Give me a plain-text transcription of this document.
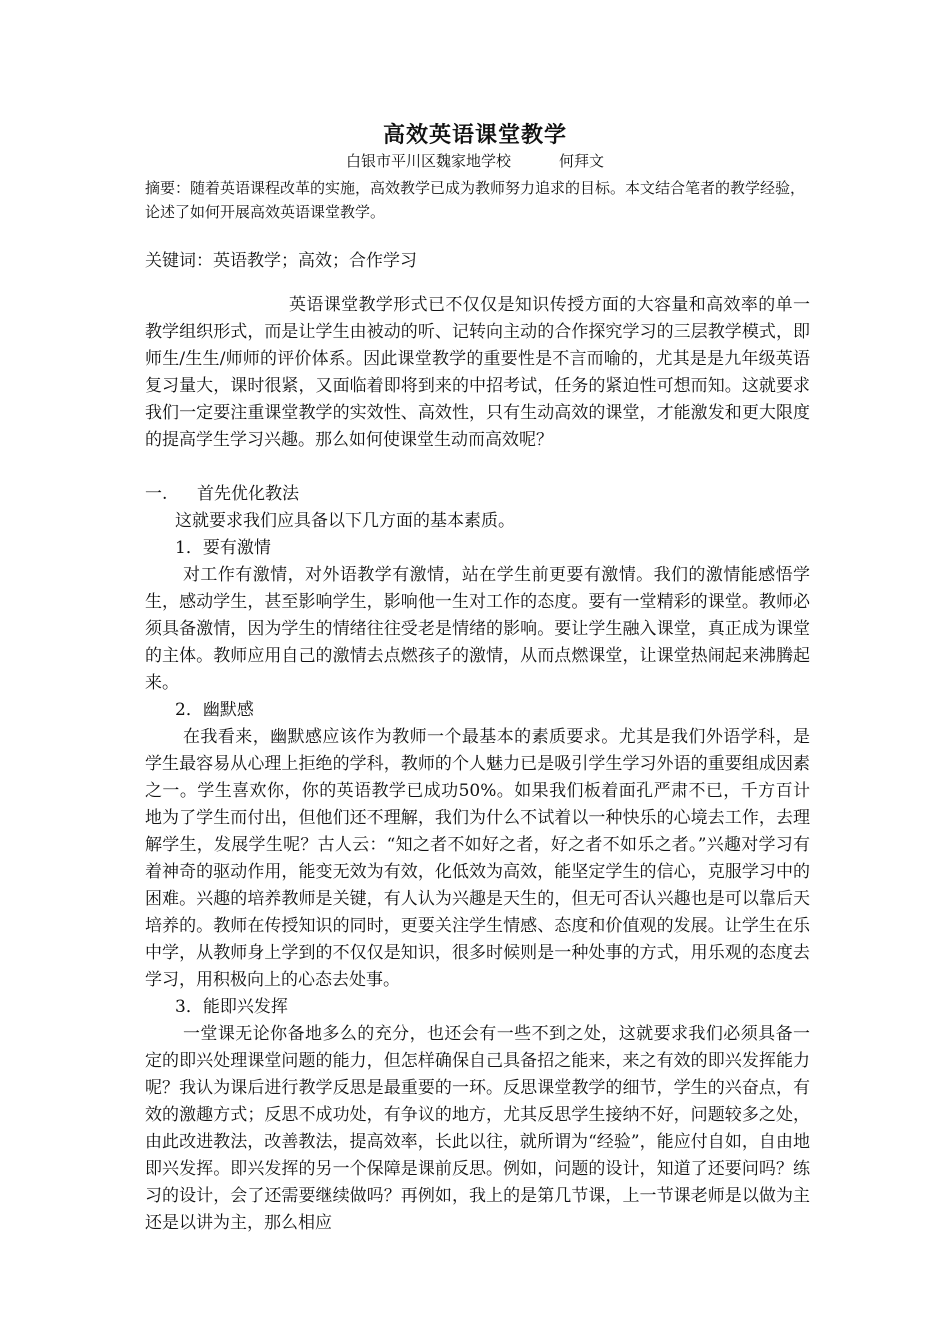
高效英语课堂教学
白银市平川区魏家地学校	何拜文
摘要：随着英语课程改革的实施，高效教学已成为教师努力追求的目标。本文结合笔者的教学经验，论述了如何开展高效英语课堂教学。
关键词：英语教学；高效；合作学习

英语课堂教学形式已不仅仅是知识传授方面的大容量和高效率的单一教学组织形式，而是让学生由被动的听、记转向主动的合作探究学习的三层教学模式，即师生/生生/师师的评价体系。因此课堂教学的重要性是不言而喻的，尤其是是九年级英语复习量大，课时很紧，又面临着即将到来的中招考试，任务的紧迫性可想而知。这就要求我们一定要注重课堂教学的实效性、高效性，只有生动高效的课堂，才能激发和更大限度的提高学生学习兴趣。那么如何使课堂生动而高效呢？

一. 首先优化教法

这就要求我们应具备以下几方面的基本素质。

1．要有激情

对工作有激情，对外语教学有激情，站在学生前更要有激情。我们的激情能感悟学生，感动学生，甚至影响学生，影响他一生对工作的态度。要有一堂精彩的课堂。教师必须具备激情，因为学生的情绪往往受老是情绪的影响。要让学生融入课堂，真正成为课堂的主体。教师应用自己的激情去点燃孩子的激情，从而点燃课堂，让课堂热闹起来沸腾起来。

2．幽默感

在我看来，幽默感应该作为教师一个最基本的素质要求。尤其是我们外语学科，是学生最容易从心理上拒绝的学科，教师的个人魅力已是吸引学生学习外语的重要组成因素之一。学生喜欢你，你的英语教学已成功50%。如果我们板着面孔严肃不已，千方百计地为了学生而付出，但他们还不理解，我们为什么不试着以一种快乐的心境去工作，去理解学生，发展学生呢？古人云：“知之者不如好之者，好之者不如乐之者。”兴趣对学习有着神奇的驱动作用，能变无效为有效，化低效为高效，能坚定学生的信心，克服学习中的困难。兴趣的培养教师是关键，有人认为兴趣是天生的，但无可否认兴趣也是可以靠后天培养的。教师在传授知识的同时，更要关注学生情感、态度和价值观的发展。让学生在乐中学，从教师身上学到的不仅仅是知识，很多时候则是一种处事的方式，用乐观的态度去学习，用积极向上的心态去处事。

3．能即兴发挥

一堂课无论你备地多么的充分，也还会有一些不到之处，这就要求我们必须具备一定的即兴处理课堂问题的能力，但怎样确保自己具备招之能来，来之有效的即兴发挥能力呢？我认为课后进行教学反思是最重要的一环。反思课堂教学的细节，学生的兴奋点，有效的激趣方式；反思不成功处，有争议的地方，尤其反思学生接纳不好，问题较多之处，由此改进教法，改善教法，提高效率，长此以往，就所谓为“经验”，能应付自如，自由地即兴发挥。即兴发挥的另一个保障是课前反思。例如，问题的设计，知道了还要问吗？练习的设计，会了还需要继续做吗？再例如，我上的是第几节课，上一节课老师是以做为主还是以讲为主，那么相应
